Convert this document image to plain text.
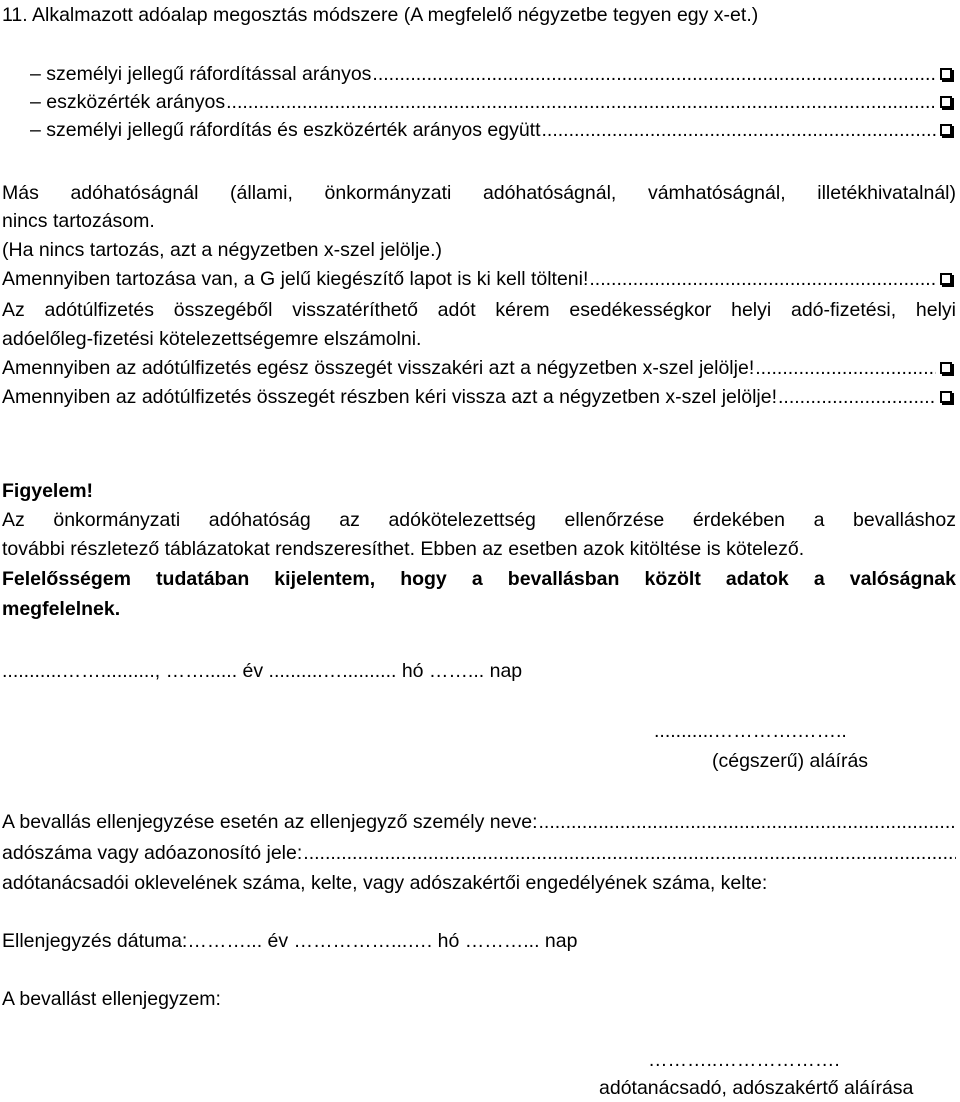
11. Alkalmazott adóalap megosztás módszere (A megfelelő négyzetbe tegyen egy x-et.)
– személyi jellegű ráfordítással arányos
.....
– eszközérték arányos
.....
– személyi jellegű ráfordítás és eszközérték arányos együtt
.....
Más adóhatóságnál (állami, önkormányzati adóhatóságnál, vámhatóságnál, illetékhivatalnál)
nincs tartozásom.
(Ha nincs tartozás, azt a négyzetben x-szel jelölje.)
Amennyiben tartozása van, a G jelű kiegészítő lapot is ki kell tölteni!
.....
Az adótúlfizetés összegéből visszatéríthető adót kérem esedékességkor helyi adó-fizetési, helyi
adóelőleg-fizetési kötelezettségemre elszámolni.
Amennyiben az adótúlfizetés egész összegét visszakéri azt a négyzetben x-szel jelölje!
.....
Amennyiben az adótúlfizetés összegét részben kéri vissza azt a négyzetben x-szel jelölje!
.....
Figyelem!
Az önkormányzati adóhatóság az adókötelezettség ellenőrzése érdekében a bevalláshoz
további részletező táblázatokat rendszeresíthet. Ebben az esetben azok kitöltése is kötelező.
Felelősségem tudatában kijelentem, hogy a bevallásban közölt adatok a valóságnak
megfelelnek.
...........…….........., ……...... év ..........….......... hó ……... nap
...........………….……..
(cégszerű) aláírás
A bevallás ellenjegyzése esetén az ellenjegyző személy neve:
.....
adószáma vagy adóazonosító jele:
.....
adótanácsadói oklevelének száma, kelte, vagy adószakértői engedélyének száma, kelte:
Ellenjegyzés dátuma:………... év ……………...…. hó ………... nap
A bevallást ellenjegyzem:
………..……………….
adótanácsadó, adószakértő aláírása
